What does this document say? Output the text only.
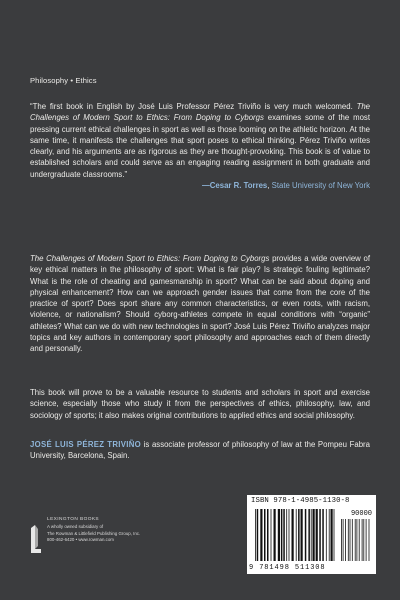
Philosophy • Ethics
“The first book in English by José Luis Professor Pérez Triviño is very much welcomed. The Challenges of Modern Sport to Ethics: From Doping to Cyborgs examines some of the most pressing current ethical challenges in sport as well as those looming on the athletic horizon. At the same time, it manifests the challenges that sport poses to ethical thinking. Pérez Triviño writes clearly, and his arguments are as rigorous as they are thought-provoking. This book is of value to established scholars and could serve as an engaging reading assignment in both graduate and undergraduate classrooms.”
—Cesar R. Torres, State University of New York
The Challenges of Modern Sport to Ethics: From Doping to Cyborgs provides a wide overview of key ethical matters in the philosophy of sport: What is fair play? Is strategic fouling legitimate? What is the role of cheating and gamesmanship in sport? What can be said about doping and physical enhancement? How can we approach gender issues that come from the core of the practice of sport? Does sport share any common characteristics, or even roots, with racism, violence, or nationalism? Should cyborg-athletes compete in equal conditions with “organic” athletes? What can we do with new technologies in sport? José Luis Pérez Triviño analyzes major topics and key authors in contemporary sport philosophy and approaches each of them directly and personally.
This book will prove to be a valuable resource to students and scholars in sport and exercise science, especially those who study it from the perspectives of ethics, philosophy, law, and sociology of sports; it also makes original contributions to applied ethics and social philosophy.
JOSÉ LUIS PÉREZ TRIVIÑO is associate professor of philosophy of law at the Pompeu Fabra University, Barcelona, Spain.
LEXINGTON BOOKS
A wholly owned subsidiary of
The Rowman & Littlefield Publishing Group, Inc.
800-462-6420 • www.rowman.com
ISBN 978-1-4985-1130-8
90000
9 781498 511308
